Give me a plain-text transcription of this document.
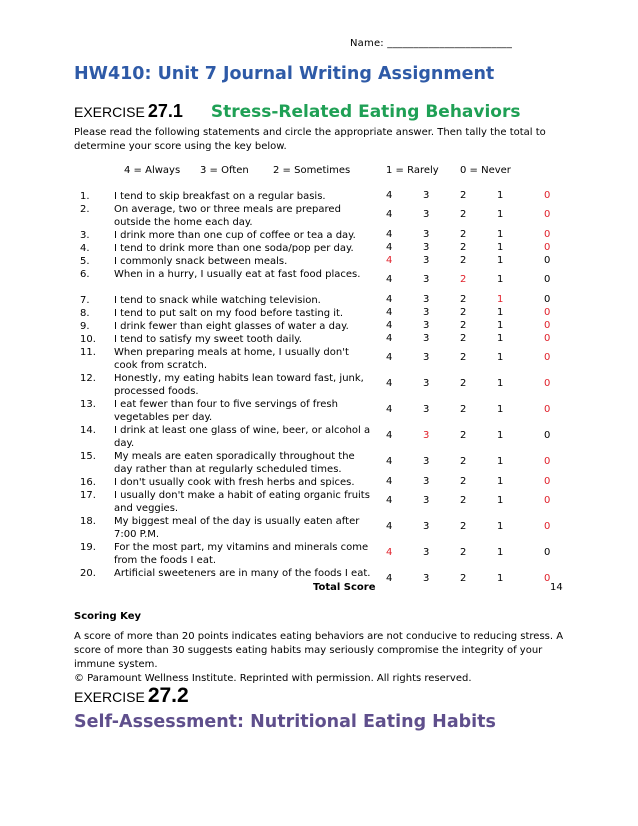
Name: ________________________
HW410: Unit 7 Journal Writing Assignment
EXERCISE 27.1 Stress-Related Eating Behaviors
Please read the following statements and circle the appropriate answer. Then tally the total to determine your score using the key below.
4 = Always 3 = Often 2 = Sometimes	1 = Rarely 0 = Never
1. I tend to skip breakfast on a regular basis.	4	3	2	1	0
2. On average, two or three meals are prepared outside the home each day.
4	3	2	1	0
3. I drink more than one cup of coffee or tea a day.	4	3	2	1	0
4. I tend to drink more than one soda/pop per day.	4	3	2	1	0
5. I commonly snack between meals.	4	3	2	1	0
6. When in a hurry, I usually eat at fast food places.	4	3	2	1	0
7. I tend to snack while watching television.	4	3	2	1	0
8. I tend to put salt on my food before tasting it.	4	3	2	1	0
9. I drink fewer than eight glasses of water a day.	4	3	2	1	0
10. I tend to satisfy my sweet tooth daily.	4	3	2	1	0
11. When preparing meals at home, I usually don't cook from scratch.
4	3	2	1	0
12. Honestly, my eating habits lean toward fast, junk, processed foods.
4	3	2	1	0
13. I eat fewer than four to five servings of fresh vegetables per day.
4	3	2	1	0
14. I drink at least one glass of wine, beer, or alcohol a day.
4	3	2	1	0
15. My meals are eaten sporadically throughout the day rather than at regularly scheduled times.
4	3	2	1	0
16. I don't usually cook with fresh herbs and spices.	4	3	2	1	0
17. I usually don't make a habit of eating organic fruits and veggies.
4	3	2	1	0
18. My biggest meal of the day is usually eaten after 7:00 P.M.
4	3	2	1	0
19. For the most part, my vitamins and minerals come from the foods I eat.
4	3	2	1	0
20. Artificial sweeteners are in many of the foods I eat. 4	3	2	1	0
Total Score	14
Scoring Key
A score of more than 20 points indicates eating behaviors are not conducive to reducing stress. A score of more than 30 suggests eating habits may seriously compromise the integrity of your immune system.
© Paramount Wellness Institute. Reprinted with permission. All rights reserved.
EXERCISE 27.2
Self-Assessment: Nutritional Eating Habits
